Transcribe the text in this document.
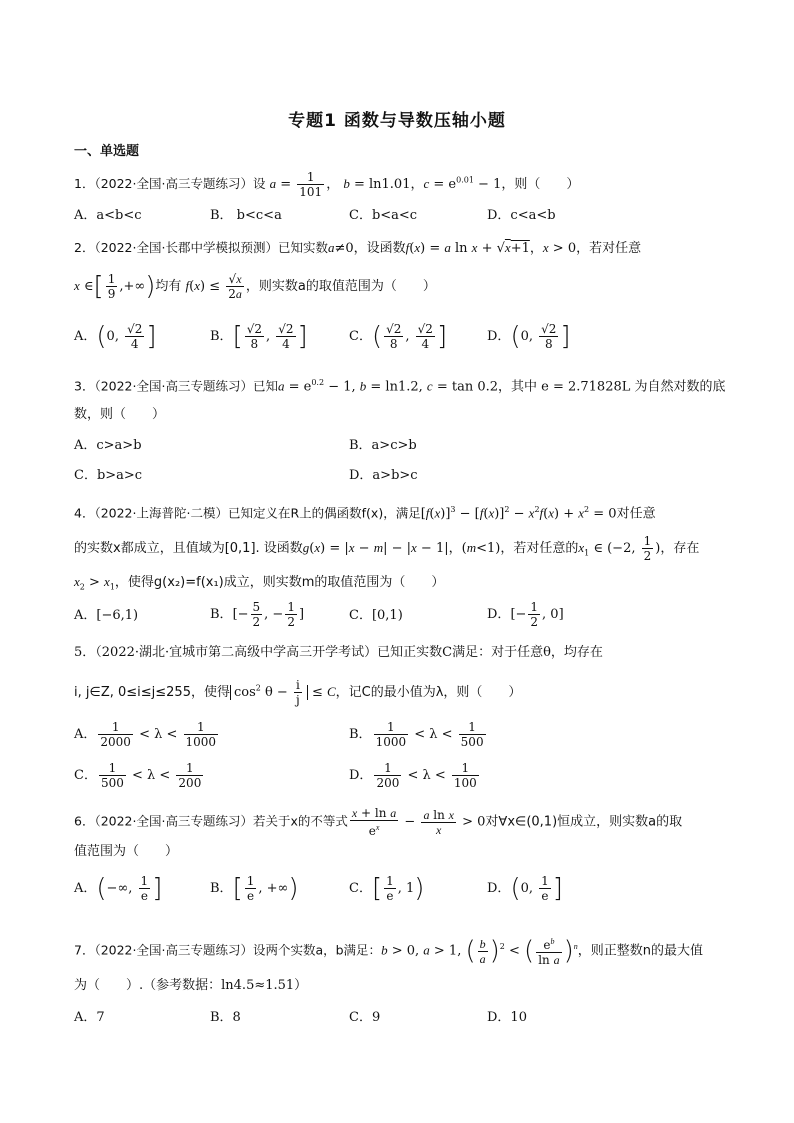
专题1 函数与导数压轴小题
一、单选题
1．（2022·全国·高三专题练习）设 $a = \frac{1}{101}$ ， b = ln1.01，$c = e^{0.01} - 1$，则（　　）
A．a<b<c	B． b<c<a	C．b<a<c	D．c<a<b
2．（2022·全国·长郡中学模拟预测）已知实数a≠0，设函数f(x) = a ln x + √x+1，x > 0，若对任意
x ∈[ $\frac{1}{9}$ ,+∞)均有 $f(x) \le \frac{√x}{2a}$ ，则实数a的取值范围为（　　）
A．(0, $\frac{√2}{4}$ ]	B．[ $\frac{√2}{8}$ , $\frac{√2}{4}$ ]	C．( $\frac{√2}{8}$ , $\frac{√2}{4}$ ]	D．(0, $\frac{√2}{8}$ ]
3．（2022·全国·高三专题练习）已知$a = e^{0.2} - 1$, b = ln1.2, c = tan 0.2，其中 e = 2.71828L 为自然对数的底
数，则（　　）
A．c>a>b	B．a>c>b
C．b>a>c	D．a>b>c
4．（2022·上海普陀·二模）已知定义在R上的偶函数f(x)，满足$[f(x)]^3 - [f(x)]^2 - x^2f(x) + x^2 = 0$对任意
的实数x都成立，且值域为[0,1]. 设函数g(x) = |x − m| − |x − 1|，(m<1)，若对任意的$x_1$ ∈ (−2, $\frac{1}{2}$ )，存在
$x_2 > x_1$，使得g(x₂)=f(x₁)成立，则实数m的取值范围为（　　）
A．[−6,1)	B．[− $\frac{5}{2}$ , − $\frac{1}{2}$ ]	C．[0,1)	D．[− $\frac{1}{2}$ , 0]
5．（2022·湖北·宜城市第二高级中学高三开学考试）已知正实数C满足：对于任意θ，均存在
i, j∈Z, 0≤i≤j≤255，使得 $\cos^2 \theta - \frac{i}{j} \le C$，记C的最小值为λ，则（　　）
A． $\frac{1}{2000} < \lambda < \frac{1}{1000}$	B． $\frac{1}{1000} < \lambda < \frac{1}{500}$
C． $\frac{1}{500} < \lambda < \frac{1}{200}$	D． $\frac{1}{200} < \lambda < \frac{1}{100}$
6．（2022·全国·高三专题练习）若关于x的不等式 $\frac{\text{x + ln a}}{e^x} - \frac{\text{a ln x}}{x} > 0$对∀x∈(0,1)恒成立，则实数a的取
值范围为（　　）
A．(−∞, $\frac{1}{e}$ ]	B．[ $\frac{1}{e}$ , +∞)	C．[ $\frac{1}{e}$ , 1)	D．(0, $\frac{1}{e}$ ]
7．（2022·全国·高三专题练习）设两个实数a，b满足：b > 0, a > 1, ( $\frac{b}{a} )^2$ < ( $\frac{e^b}{\text{ln a}} )^n$，则正整数n的最大值
为（　　）.（参考数据：ln4.5≈1.51）
A．7	B．8	C．9	D．10
